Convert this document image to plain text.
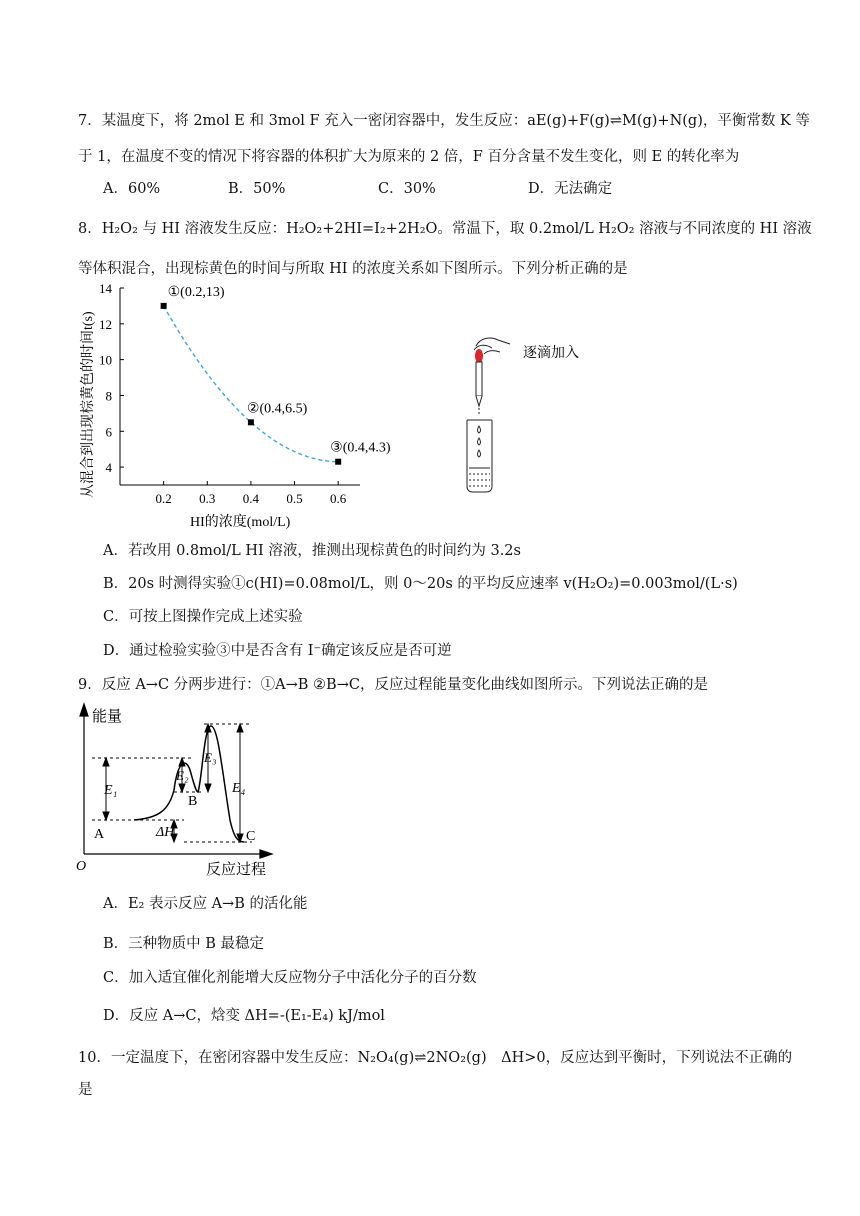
7．某温度下，将 2mol E 和 3mol F 充入一密闭容器中，发生反应：aE(g)+F(g)⇌M(g)+N(g)，平衡常数 K 等
于 1，在温度不变的情况下将容器的体积扩大为原来的 2 倍，F 百分含量不发生变化，则 E 的转化率为
A．60%	B．50%	C．30%	D．无法确定
8．H₂O₂ 与 HI 溶液发生反应：H₂O₂+2HI=I₂+2H₂O。常温下，取 0.2mol/L H₂O₂ 溶液与不同浓度的 HI 溶液
等体积混合，出现棕黄色的时间与所取 HI 的浓度关系如下图所示。下列分析正确的是
0.2 0.3 0.4 0.5 0.6
4
6
8
10
12
14	①(0.2,13)
②(0.4,6.5)
③(0.4,4.3)
HI的浓度(mol/L)
从混合到出现棕黄色的时间t(s)	逐滴加入
A．若改用 0.8mol/L HI 溶液，推测出现棕黄色的时间约为 3.2s
B．20s 时测得实验①c(HI)=0.08mol/L，则 0～20s 的平均反应速率 v(H₂O₂)=0.003mol/(L·s)
C．可按上图操作完成上述实验
D．通过检验实验③中是否含有 I⁻确定该反应是否可逆
9．反应 A→C 分两步进行：①A→B ②B→C，反应过程能量变化曲线如图所示。下列说法正确的是
能量
反应过程
O
A
B
C
E₁
E₂
E₃
E₄
ΔH
A．E₂ 表示反应 A→B 的活化能
B．三种物质中 B 最稳定
C．加入适宜催化剂能增大反应物分子中活化分子的百分数
D．反应 A→C，焓变 ΔH=-(E₁-E₄) kJ/mol
10．一定温度下，在密闭容器中发生反应：N₂O₄(g)⇌2NO₂(g)　ΔH>0，反应达到平衡时，下列说法不正确的
是
